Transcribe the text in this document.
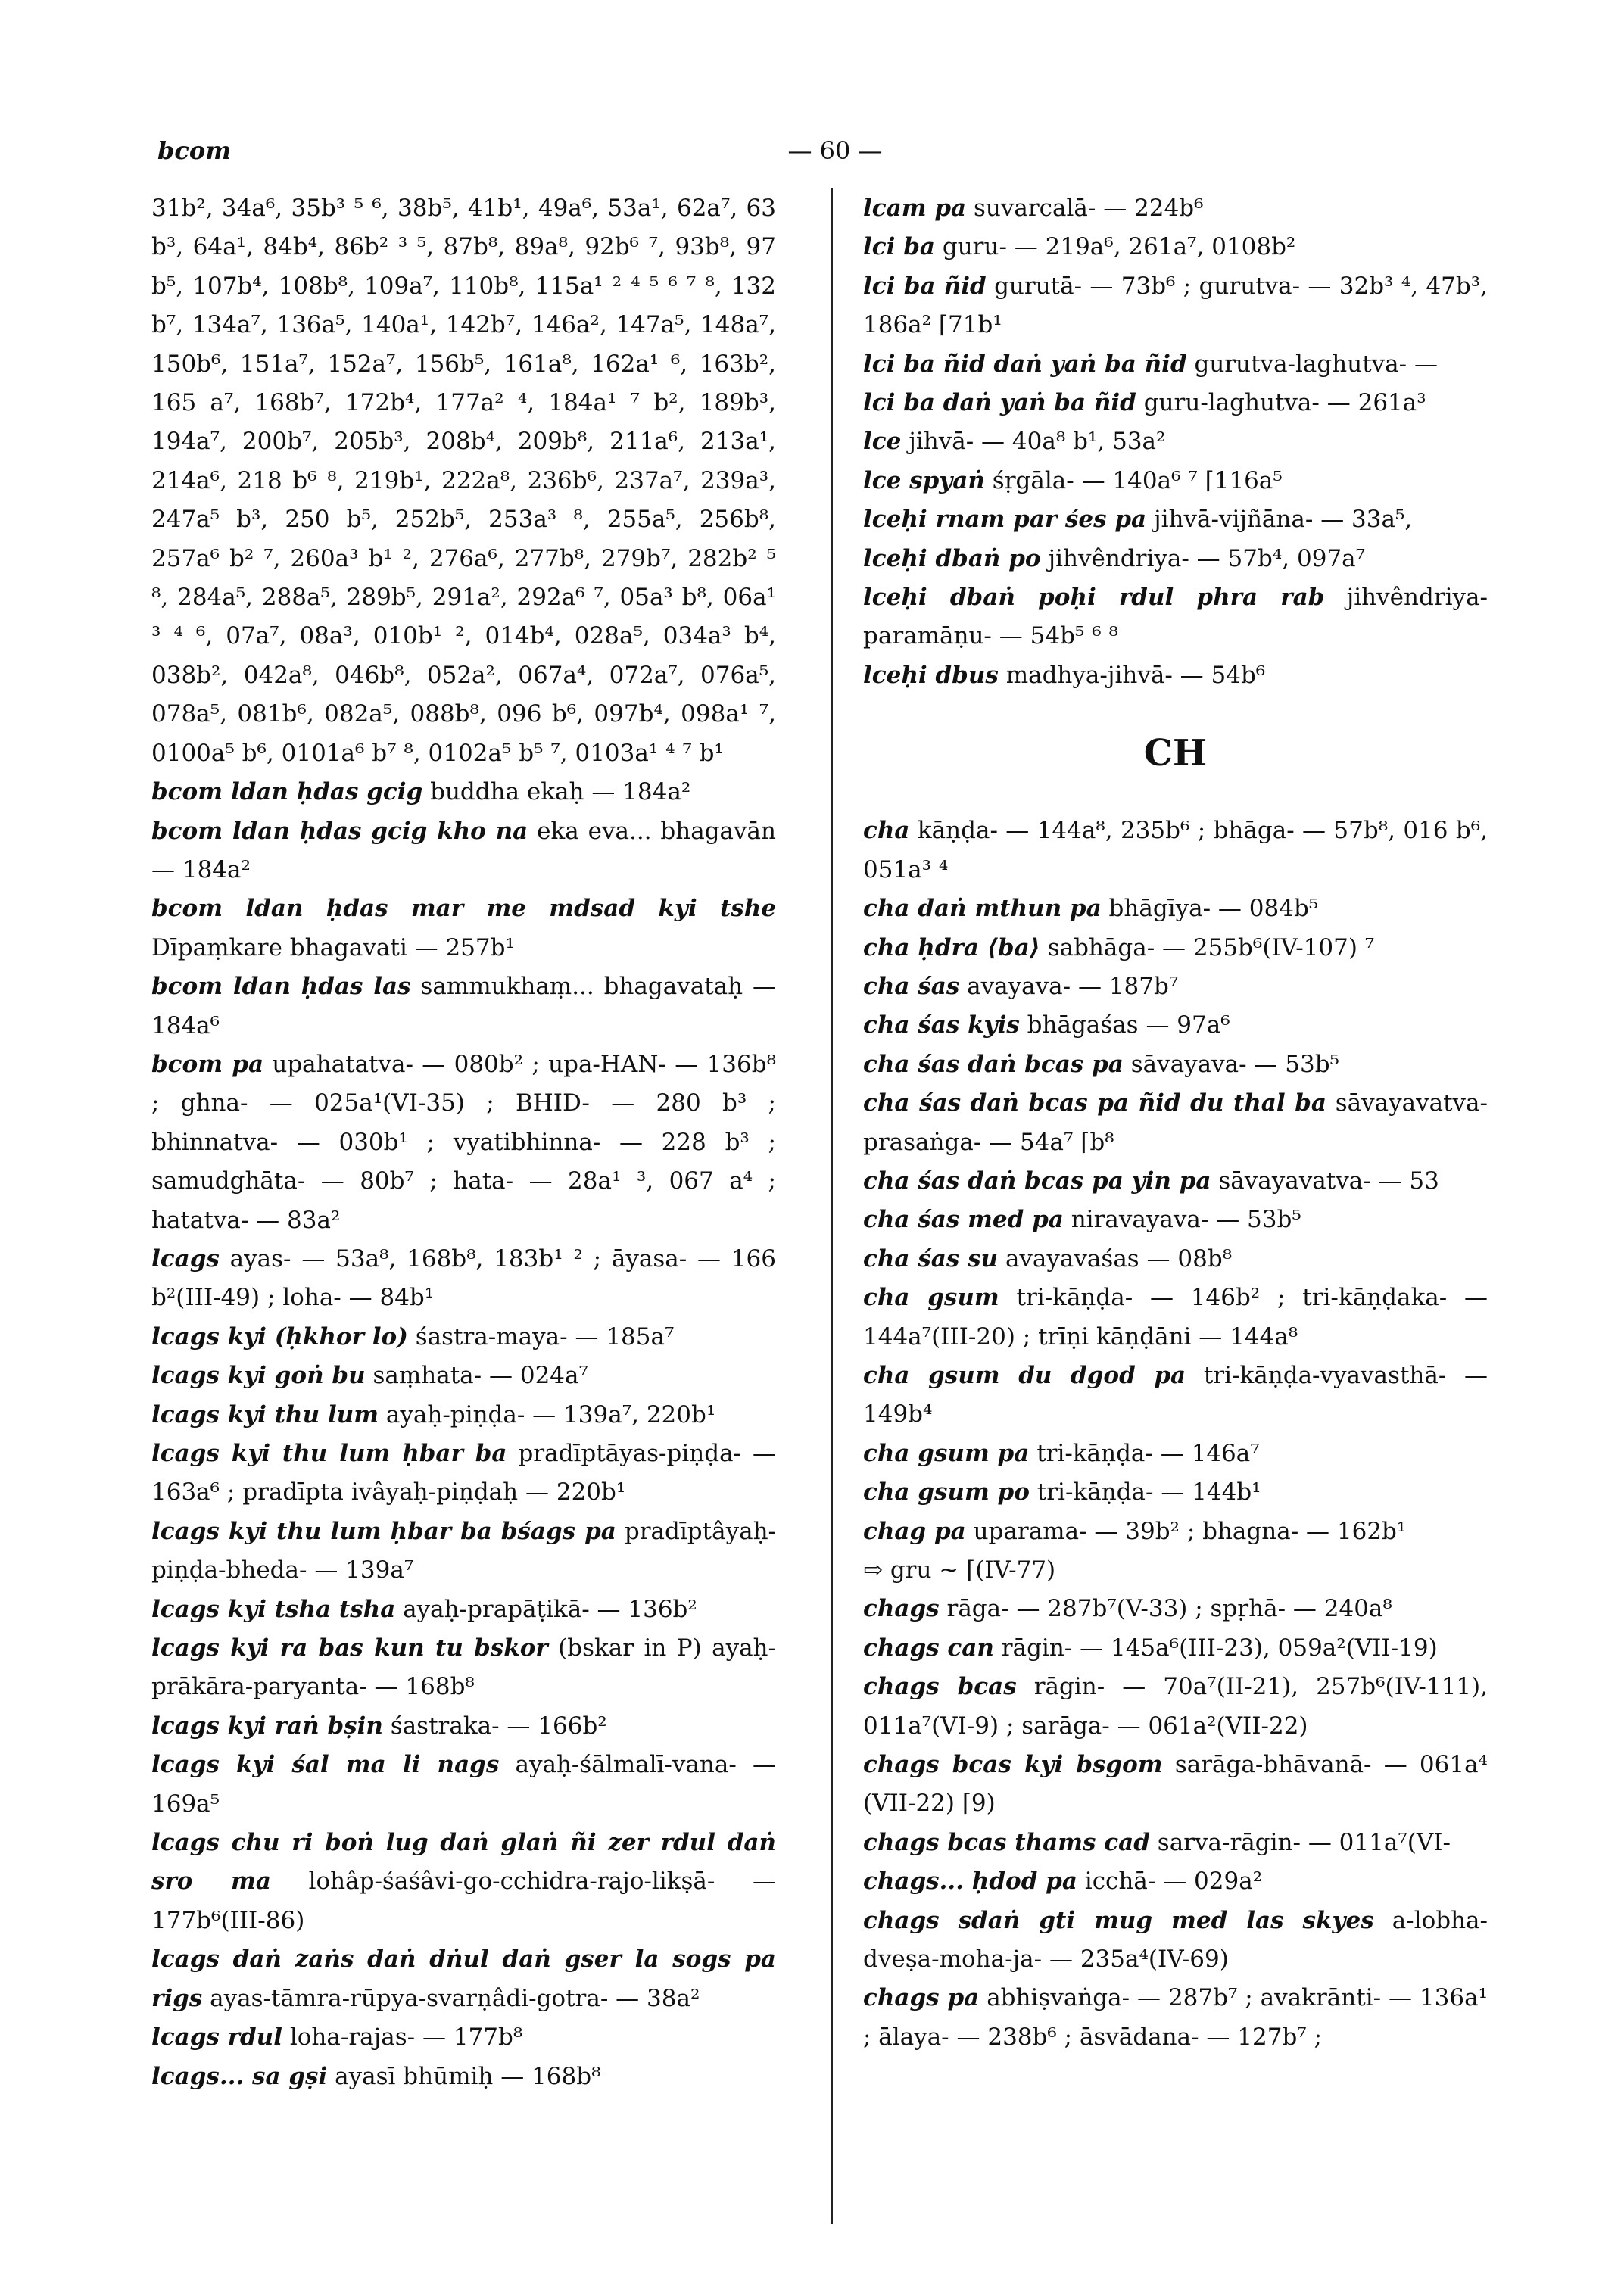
bcom	— 60 —

31b², 34a⁶, 35b³ ⁵ ⁶, 38b⁵, 41b¹, 49a⁶, 53a¹, 62a⁷, 63 b³, 64a¹, 84b⁴, 86b² ³ ⁵, 87b⁸, 89a⁸, 92b⁶ ⁷, 93b⁸, 97 b⁵, 107b⁴, 108b⁸, 109a⁷, 110b⁸, 115a¹ ² ⁴ ⁵ ⁶ ⁷ ⁸, 132 b⁷, 134a⁷, 136a⁵, 140a¹, 142b⁷, 146a², 147a⁵, 148a⁷, 150b⁶, 151a⁷, 152a⁷, 156b⁵, 161a⁸, 162a¹ ⁶, 163b², 165 a⁷, 168b⁷, 172b⁴, 177a² ⁴, 184a¹ ⁷ b², 189b³, 194a⁷, 200b⁷, 205b³, 208b⁴, 209b⁸, 211a⁶, 213a¹, 214a⁶, 218 b⁶ ⁸, 219b¹, 222a⁸, 236b⁶, 237a⁷, 239a³, 247a⁵ b³, 250 b⁵, 252b⁵, 253a³ ⁸, 255a⁵, 256b⁸, 257a⁶ b² ⁷, 260a³ b¹ ², 276a⁶, 277b⁸, 279b⁷, 282b² ⁵ ⁸, 284a⁵, 288a⁵, 289b⁵, 291a², 292a⁶ ⁷, 05a³ b⁸, 06a¹ ³ ⁴ ⁶, 07a⁷, 08a³, 010b¹ ², 014b⁴, 028a⁵, 034a³ b⁴, 038b², 042a⁸, 046b⁸, 052a², 067a⁴, 072a⁷, 076a⁵, 078a⁵, 081b⁶, 082a⁵, 088b⁸, 096 b⁶, 097b⁴, 098a¹ ⁷, 0100a⁵ b⁶, 0101a⁶ b⁷ ⁸, 0102a⁵ b⁵ ⁷, 0103a¹ ⁴ ⁷ b¹

bcom ldan ḥdas gcig buddha ekaḥ — 184a²

bcom ldan ḥdas gcig kho na eka eva... bhagavān — 184a²

bcom ldan ḥdas mar me mdsad kyi tshe Dīpaṃkare bhagavati — 257b¹

bcom ldan ḥdas las sammukhaṃ... bhagavataḥ — 184a⁶

bcom pa upahatatva- — 080b² ; upa-HAN- — 136b⁸ ; ghna- — 025a¹(VI-35) ; BHID- — 280 b³ ; bhinnatva- — 030b¹ ; vyatibhinna- — 228 b³ ; samudghāta- — 80b⁷ ; hata- — 28a¹ ³, 067 a⁴ ; hatatva- — 83a²

lcags ayas- — 53a⁸, 168b⁸, 183b¹ ² ; āyasa- — 166 b²(III-49) ; loha- — 84b¹

lcags kyi (ḥkhor lo) śastra-maya- — 185a⁷

lcags kyi goṅ bu saṃhata- — 024a⁷

lcags kyi thu lum ayaḥ-piṇḍa- — 139a⁷, 220b¹

lcags kyi thu lum ḥbar ba pradīptāyas-piṇḍa- — 163a⁶ ; pradīpta ivâyaḥ-piṇḍaḥ — 220b¹

lcags kyi thu lum ḥbar ba bśags pa pradīptâyaḥ-piṇḍa-bheda- — 139a⁷

lcags kyi tsha tsha ayaḥ-prapāṭikā- — 136b²

lcags kyi ra bas kun tu bskor (bskar in P) ayaḥ-prākāra-paryanta- — 168b⁸

lcags kyi raṅ bṣin śastraka- — 166b²

lcags kyi śal ma li nags ayaḥ-śālmalī-vana- — 169a⁵

lcags chu ri boṅ lug daṅ glaṅ ñi zer rdul daṅ sro ma lohâp-śaśâvi-go-cchidra-rajo-likṣā- — 177b⁶(III-86)

lcags daṅ zaṅs daṅ dṅul daṅ gser la sogs pa rigs ayas-tāmra-rūpya-svarṇâdi-gotra- — 38a²

lcags rdul loha-rajas- — 177b⁸

lcags... sa gṣi ayasī bhūmiḥ — 168b⁸

lcam pa suvarcalā- — 224b⁶

lci ba guru- — 219a⁶, 261a⁷, 0108b²

lci ba ñid gurutā- — 73b⁶ ; gurutva- — 32b³ ⁴, 47b³, 186a² ⌈71b¹

lci ba ñid daṅ yaṅ ba ñid gurutva-laghutva- —

lci ba daṅ yaṅ ba ñid guru-laghutva- — 261a³

lce jihvā- — 40a⁸ b¹, 53a²

lce spyaṅ śṛgāla- — 140a⁶ ⁷ ⌈116a⁵

lceḥi rnam par śes pa jihvā-vijñāna- — 33a⁵,

lceḥi dbaṅ po jihvêndriya- — 57b⁴, 097a⁷

lceḥi dbaṅ poḥi rdul phra rab jihvêndriya-paramāṇu- — 54b⁵ ⁶ ⁸

lceḥi dbus madhya-jihvā- — 54b⁶

CH

cha kāṇḍa- — 144a⁸, 235b⁶ ; bhāga- — 57b⁸, 016 b⁶, 051a³ ⁴

cha daṅ mthun pa bhāgīya- — 084b⁵

cha ḥdra ⟨ba⟩ sabhāga- — 255b⁶(IV-107) ⁷

cha śas avayava- — 187b⁷

cha śas kyis bhāgaśas — 97a⁶

cha śas daṅ bcas pa sāvayava- — 53b⁵

cha śas daṅ bcas pa ñid du thal ba sāvayavatva-prasaṅga- — 54a⁷ ⌈b⁸

cha śas daṅ bcas pa yin pa sāvayavatva- — 53

cha śas med pa niravayava- — 53b⁵

cha śas su avayavaśas — 08b⁸

cha gsum tri-kāṇḍa- — 146b² ; tri-kāṇḍaka- — 144a⁷(III-20) ; trīṇi kāṇḍāni — 144a⁸

cha gsum du dgod pa tri-kāṇḍa-vyavasthā- — 149b⁴

cha gsum pa tri-kāṇḍa- — 146a⁷

cha gsum po tri-kāṇḍa- — 144b¹

chag pa uparama- — 39b² ; bhagna- — 162b¹

⇨ gru ~ ⌈(IV-77)

chags rāga- — 287b⁷(V-33) ; spṛhā- — 240a⁸

chags can rāgin- — 145a⁶(III-23), 059a²(VII-19)

chags bcas rāgin- — 70a⁷(II-21), 257b⁶(IV-111), 011a⁷(VI-9) ; sarāga- — 061a²(VII-22)

chags bcas kyi bsgom sarāga-bhāvanā- — 061a⁴ (VII-22) ⌈9)

chags bcas thams cad sarva-rāgin- — 011a⁷(VI-

chags... ḥdod pa icchā- — 029a²

chags sdaṅ gti mug med las skyes a-lobha-dveṣa-moha-ja- — 235a⁴(IV-69)

chags pa abhiṣvaṅga- — 287b⁷ ; avakrānti- — 136a¹ ; ālaya- — 238b⁶ ; āsvādana- — 127b⁷ ;
